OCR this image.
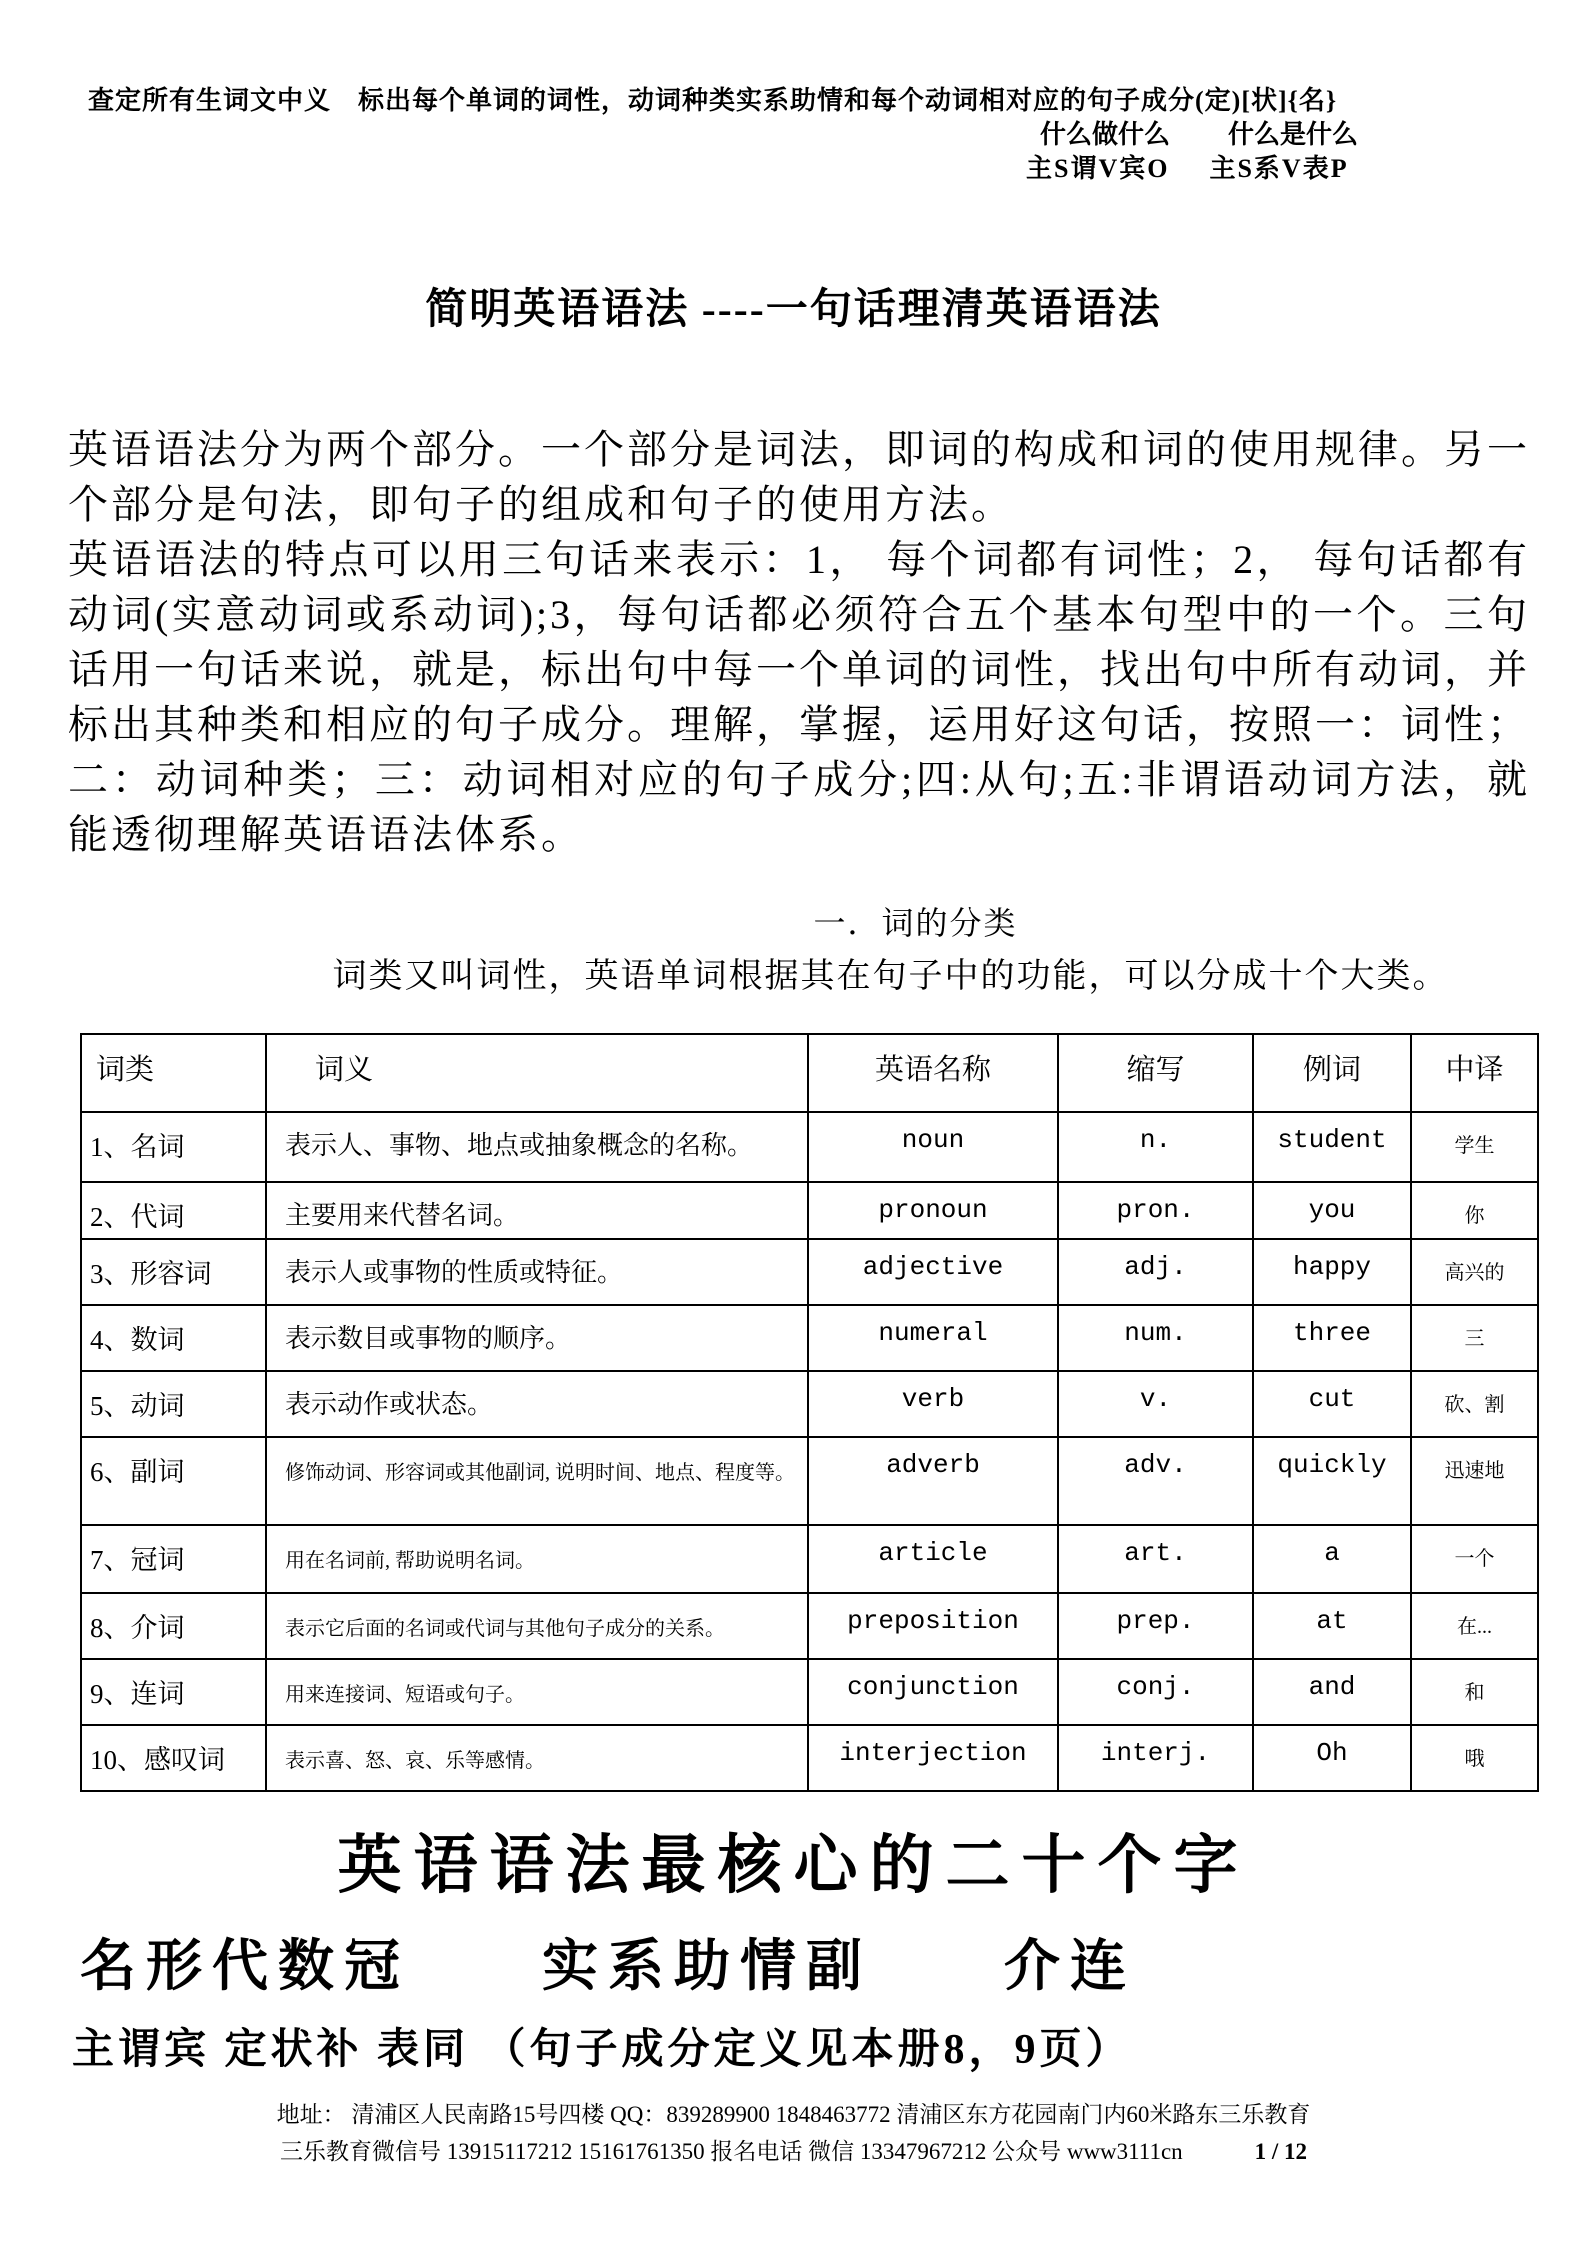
查定所有生词文中义　标出每个单词的词性，动词种类实系助情和每个动词相对应的句子成分(定)[状]{名}
什么做什么 什么是什么
主S谓V宾O 主S系V表P
简明英语语法 ----一句话理清英语语法

英语语法分为两个部分。一个部分是词法，即词的构成和词的使用规律。另一个部分是句法，即句子的组成和句子的使用方法。

英语语法的特点可以用三句话来表示：1， 每个词都有词性；2， 每句话都有动词(实意动词或系动词);3，每句话都必须符合五个基本句型中的一个。三句话用一句话来说，就是，标出句中每一个单词的词性，找出句中所有动词，并标出其种类和相应的句子成分。理解，掌握，运用好这句话，按照一：词性；二：动词种类；三：动词相对应的句子成分;四:从句;五:非谓语动词方法，就能透彻理解英语语法体系。

一．词的分类
词类又叫词性，英语单词根据其在句子中的功能，可以分成十个大类。
词类	词义	英语名称	缩写	例词	中译
1、名词	表示人、事物、地点或抽象概念的名称。	noun	n.	student	学生
2、代词	主要用来代替名词。	pronoun	pron.	you	你
3、形容词	表示人或事物的性质或特征。	adjective	adj.	happy	高兴的
4、数词	表示数目或事物的顺序。	numeral	num.	three	三
5、动词	表示动作或状态。	verb	v.	cut	砍、割
6、副词	修饰动词、形容词或其他副词, 说明时间、地点、程度等。	adverb	adv.	quickly	迅速地
7、冠词	用在名词前, 帮助说明名词。	article	art.	a	一个
8、介词	表示它后面的名词或代词与其他句子成分的关系。	preposition	prep.	at	在...
9、连词	用来连接词、短语或句子。	conjunction	conj.	and	和
10、感叹词	表示喜、怒、哀、乐等感情。	interjection	interj.	Oh	哦
英语语法最核心的二十个字
名形代数冠　　实系助情副　　介连
主谓宾 定状补 表同 （句子成分定义见本册8，9页）
地址： 清浦区人民南路15号四楼 QQ：839289900 1848463772 清浦区东方花园南门内60米路东三乐教育
三乐教育微信号 13915117212 15161761350 报名电话 微信 13347967212 公众号 www3111cn	1 / 12
